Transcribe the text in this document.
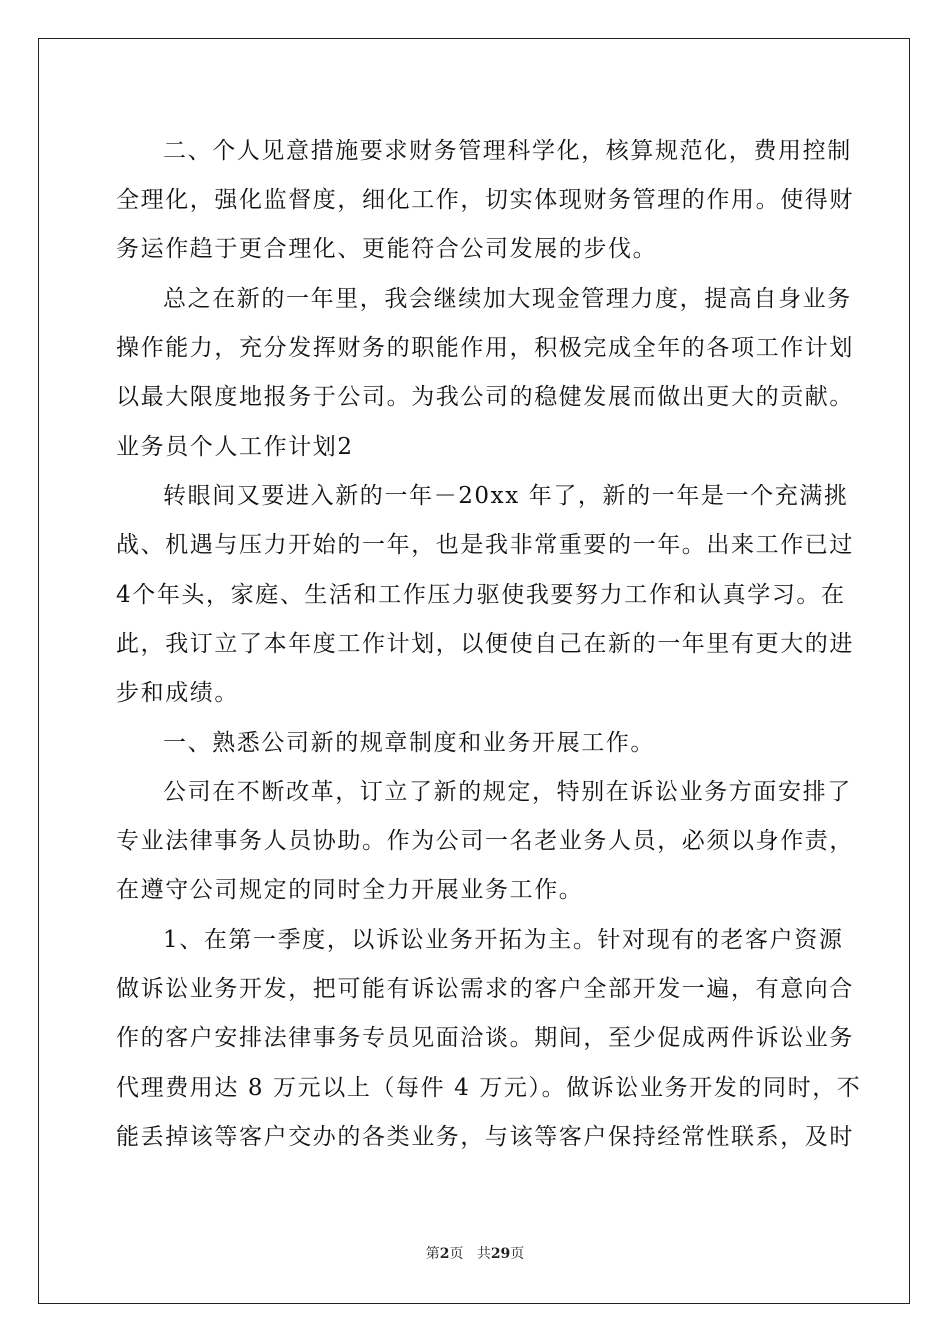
二、个人见意措施要求财务管理科学化，核算规范化，费用控制
全理化，强化监督度，细化工作，切实体现财务管理的作用。使得财
务运作趋于更合理化、更能符合公司发展的步伐。
总之在新的一年里，我会继续加大现金管理力度，提高自身业务
操作能力，充分发挥财务的职能作用，积极完成全年的各项工作计划
以最大限度地报务于公司。为我公司的稳健发展而做出更大的贡献。
业务员个人工作计划2
转眼间又要进入新的一年－20xx 年了，新的一年是一个充满挑
战、机遇与压力开始的一年，也是我非常重要的一年。出来工作已过
4个年头，家庭、生活和工作压力驱使我要努力工作和认真学习。在
此，我订立了本年度工作计划，以便使自己在新的一年里有更大的进
步和成绩。
一、熟悉公司新的规章制度和业务开展工作。
公司在不断改革，订立了新的规定，特别在诉讼业务方面安排了
专业法律事务人员协助。作为公司一名老业务人员，必须以身作责，
在遵守公司规定的同时全力开展业务工作。
1、在第一季度，以诉讼业务开拓为主。针对现有的老客户资源
做诉讼业务开发，把可能有诉讼需求的客户全部开发一遍，有意向合
作的客户安排法律事务专员见面洽谈。期间，至少促成两件诉讼业务
代理费用达 8 万元以上（每件 4 万元）。做诉讼业务开发的同时，不
能丢掉该等客户交办的各类业务，与该等客户保持经常性联系，及时
第2页 共29页
